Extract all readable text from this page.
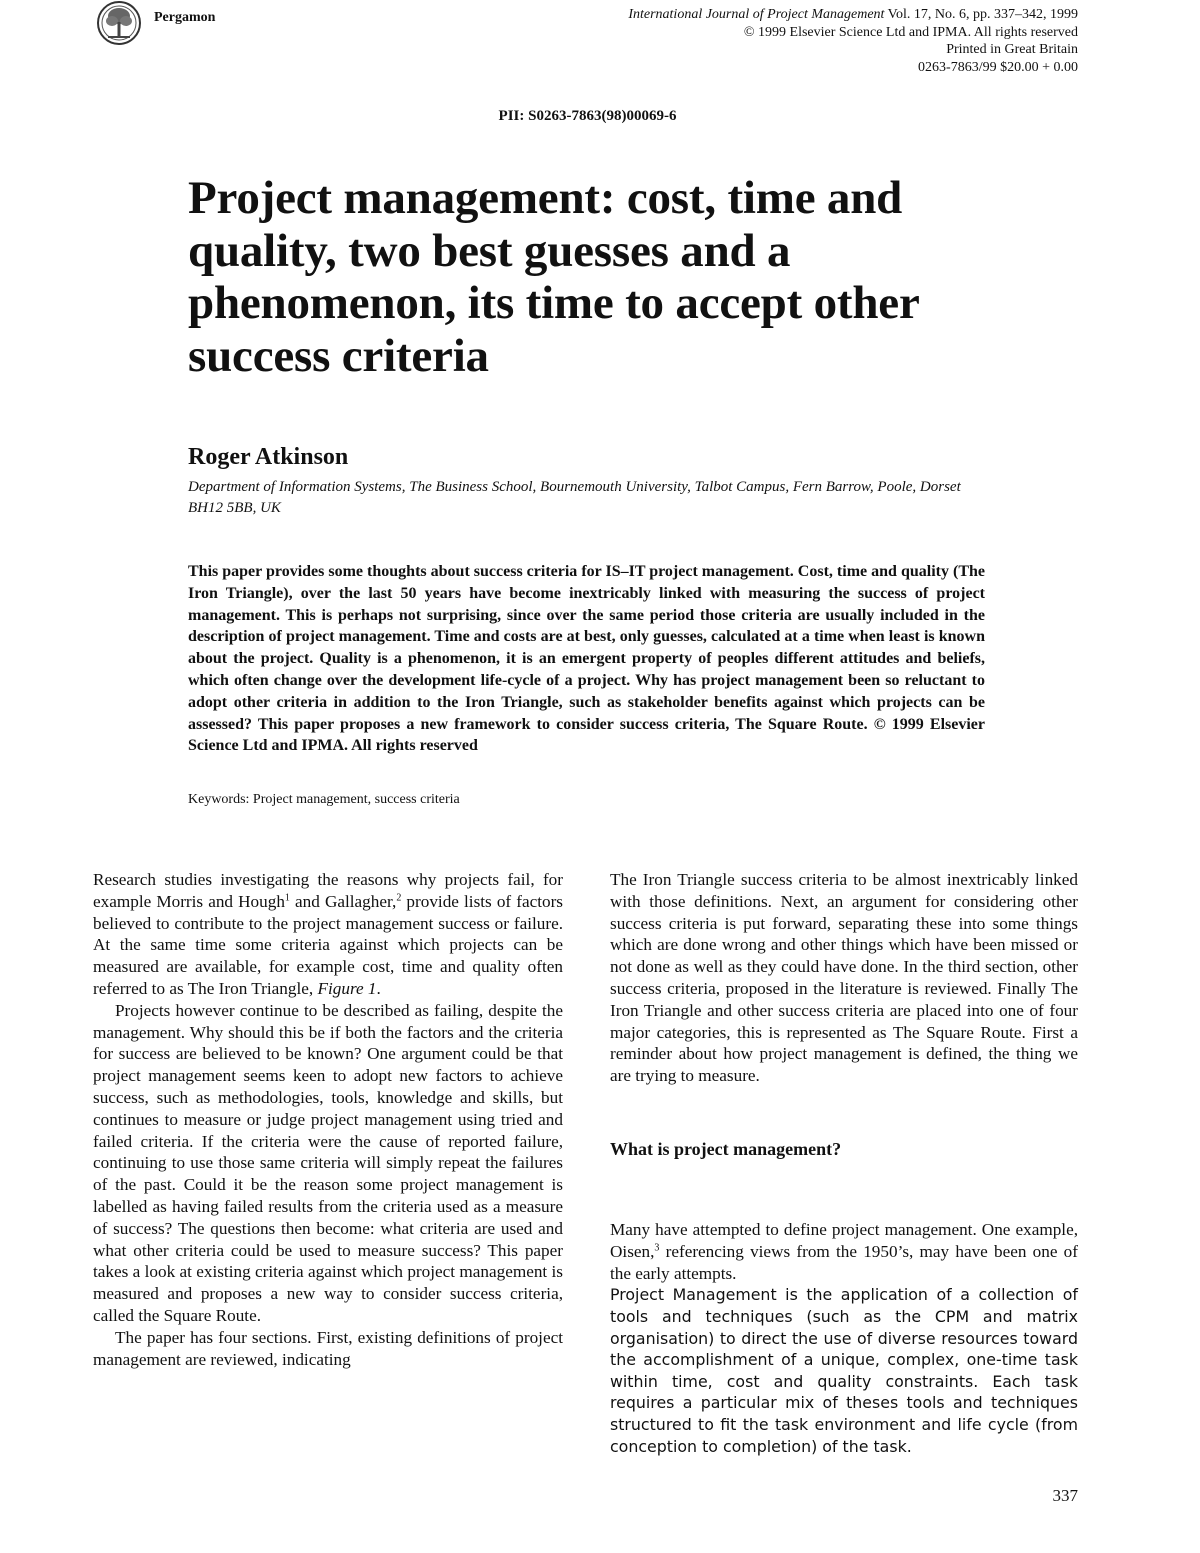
Pergamon	International Journal of Project Management Vol. 17, No. 6, pp. 337–342, 1999
© 1999 Elsevier Science Ltd and IPMA. All rights reserved
Printed in Great Britain
0263-7863/99 $20.00 + 0.00
PII: S0263-7863(98)00069-6
Project management: cost, time and quality, two best guesses and a phenomenon, its time to accept other success criteria
Roger Atkinson
Department of Information Systems, The Business School, Bournemouth University, Talbot Campus, Fern Barrow, Poole, Dorset BH12 5BB, UK

This paper provides some thoughts about success criteria for IS–IT project management. Cost, time and quality (The Iron Triangle), over the last 50 years have become inextricably linked with measuring the success of project management. This is perhaps not surprising, since over the same period those criteria are usually included in the description of project management. Time and costs are at best, only guesses, calculated at a time when least is known about the project. Quality is a phenomenon, it is an emergent property of peoples different attitudes and beliefs, which often change over the development life-cycle of a project. Why has project management been so reluctant to adopt other criteria in addition to the Iron Triangle, such as stakeholder benefits against which projects can be assessed? This paper proposes a new framework to consider success criteria, The Square Route. © 1999 Elsevier Science Ltd and IPMA. All rights reserved

Keywords: Project management, success criteria

Research studies investigating the reasons why projects fail, for example Morris and Hough$^1$ and Gallagher,$^2$ provide lists of factors believed to contribute to the project management success or failure. At the same time some criteria against which projects can be measured are available, for example cost, time and quality often referred to as The Iron Triangle, Figure 1.

Projects however continue to be described as failing, despite the management. Why should this be if both the factors and the criteria for success are believed to be known? One argument could be that project management seems keen to adopt new factors to achieve success, such as methodologies, tools, knowledge and skills, but continues to measure or judge project management using tried and failed criteria. If the criteria were the cause of reported failure, continuing to use those same criteria will simply repeat the failures of the past. Could it be the reason some project management is labelled as having failed results from the criteria used as a measure of success? The questions then become: what criteria are used and what other criteria could be used to measure success? This paper takes a look at existing criteria against which project management is measured and proposes a new way to consider success criteria, called the Square Route.

The paper has four sections. First, existing definitions of project management are reviewed, indicating

The Iron Triangle success criteria to be almost inextricably linked with those definitions. Next, an argument for considering other success criteria is put forward, separating these into some things which are done wrong and other things which have been missed or not done as well as they could have done. In the third section, other success criteria, proposed in the literature is reviewed. Finally The Iron Triangle and other success criteria are placed into one of four major categories, this is represented as The Square Route. First a reminder about how project management is defined, the thing we are trying to measure.

What is project management?

Many have attempted to define project management. One example, Oisen,$^3$ referencing views from the 1950’s, may have been one of the early attempts.

Project Management is the application of a collection of tools and techniques (such as the CPM and matrix organisation) to direct the use of diverse resources toward the accomplishment of a unique, complex, one-time task within time, cost and quality constraints. Each task requires a particular mix of theses tools and techniques structured to fit the task environment and life cycle (from conception to completion) of the task.

337
